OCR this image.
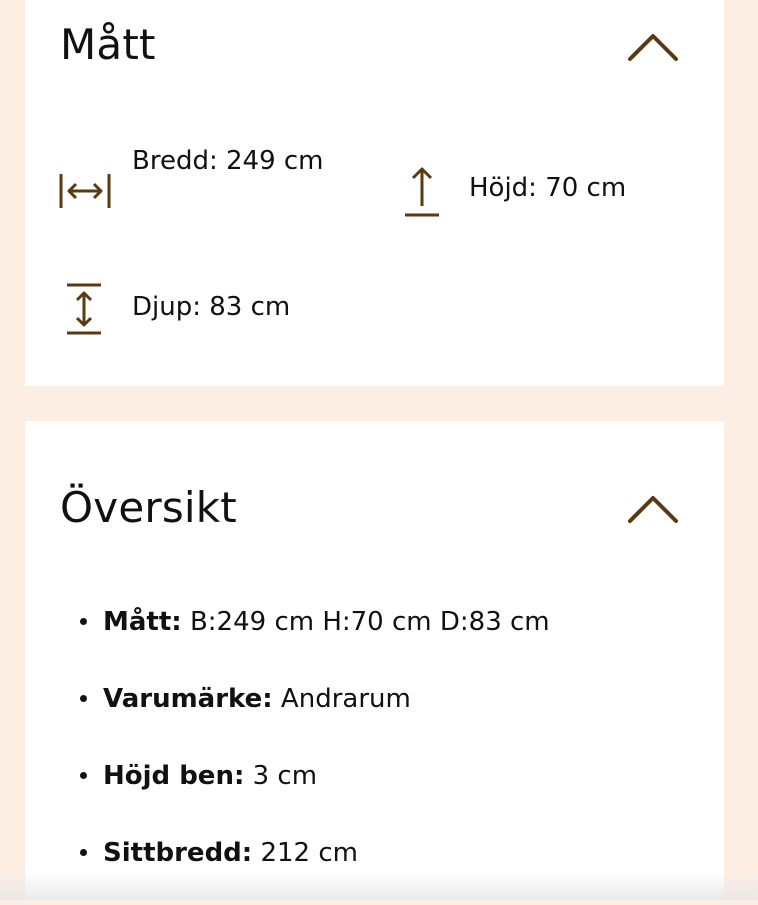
Mått

Bredd: 249 cm

Höjd: 70 cm

Djup: 83 cm

Översikt
Mått: B:249 cm H:70 cm D:83 cm
Varumärke: Andrarum
Höjd ben: 3 cm
Sittbredd: 212 cm
